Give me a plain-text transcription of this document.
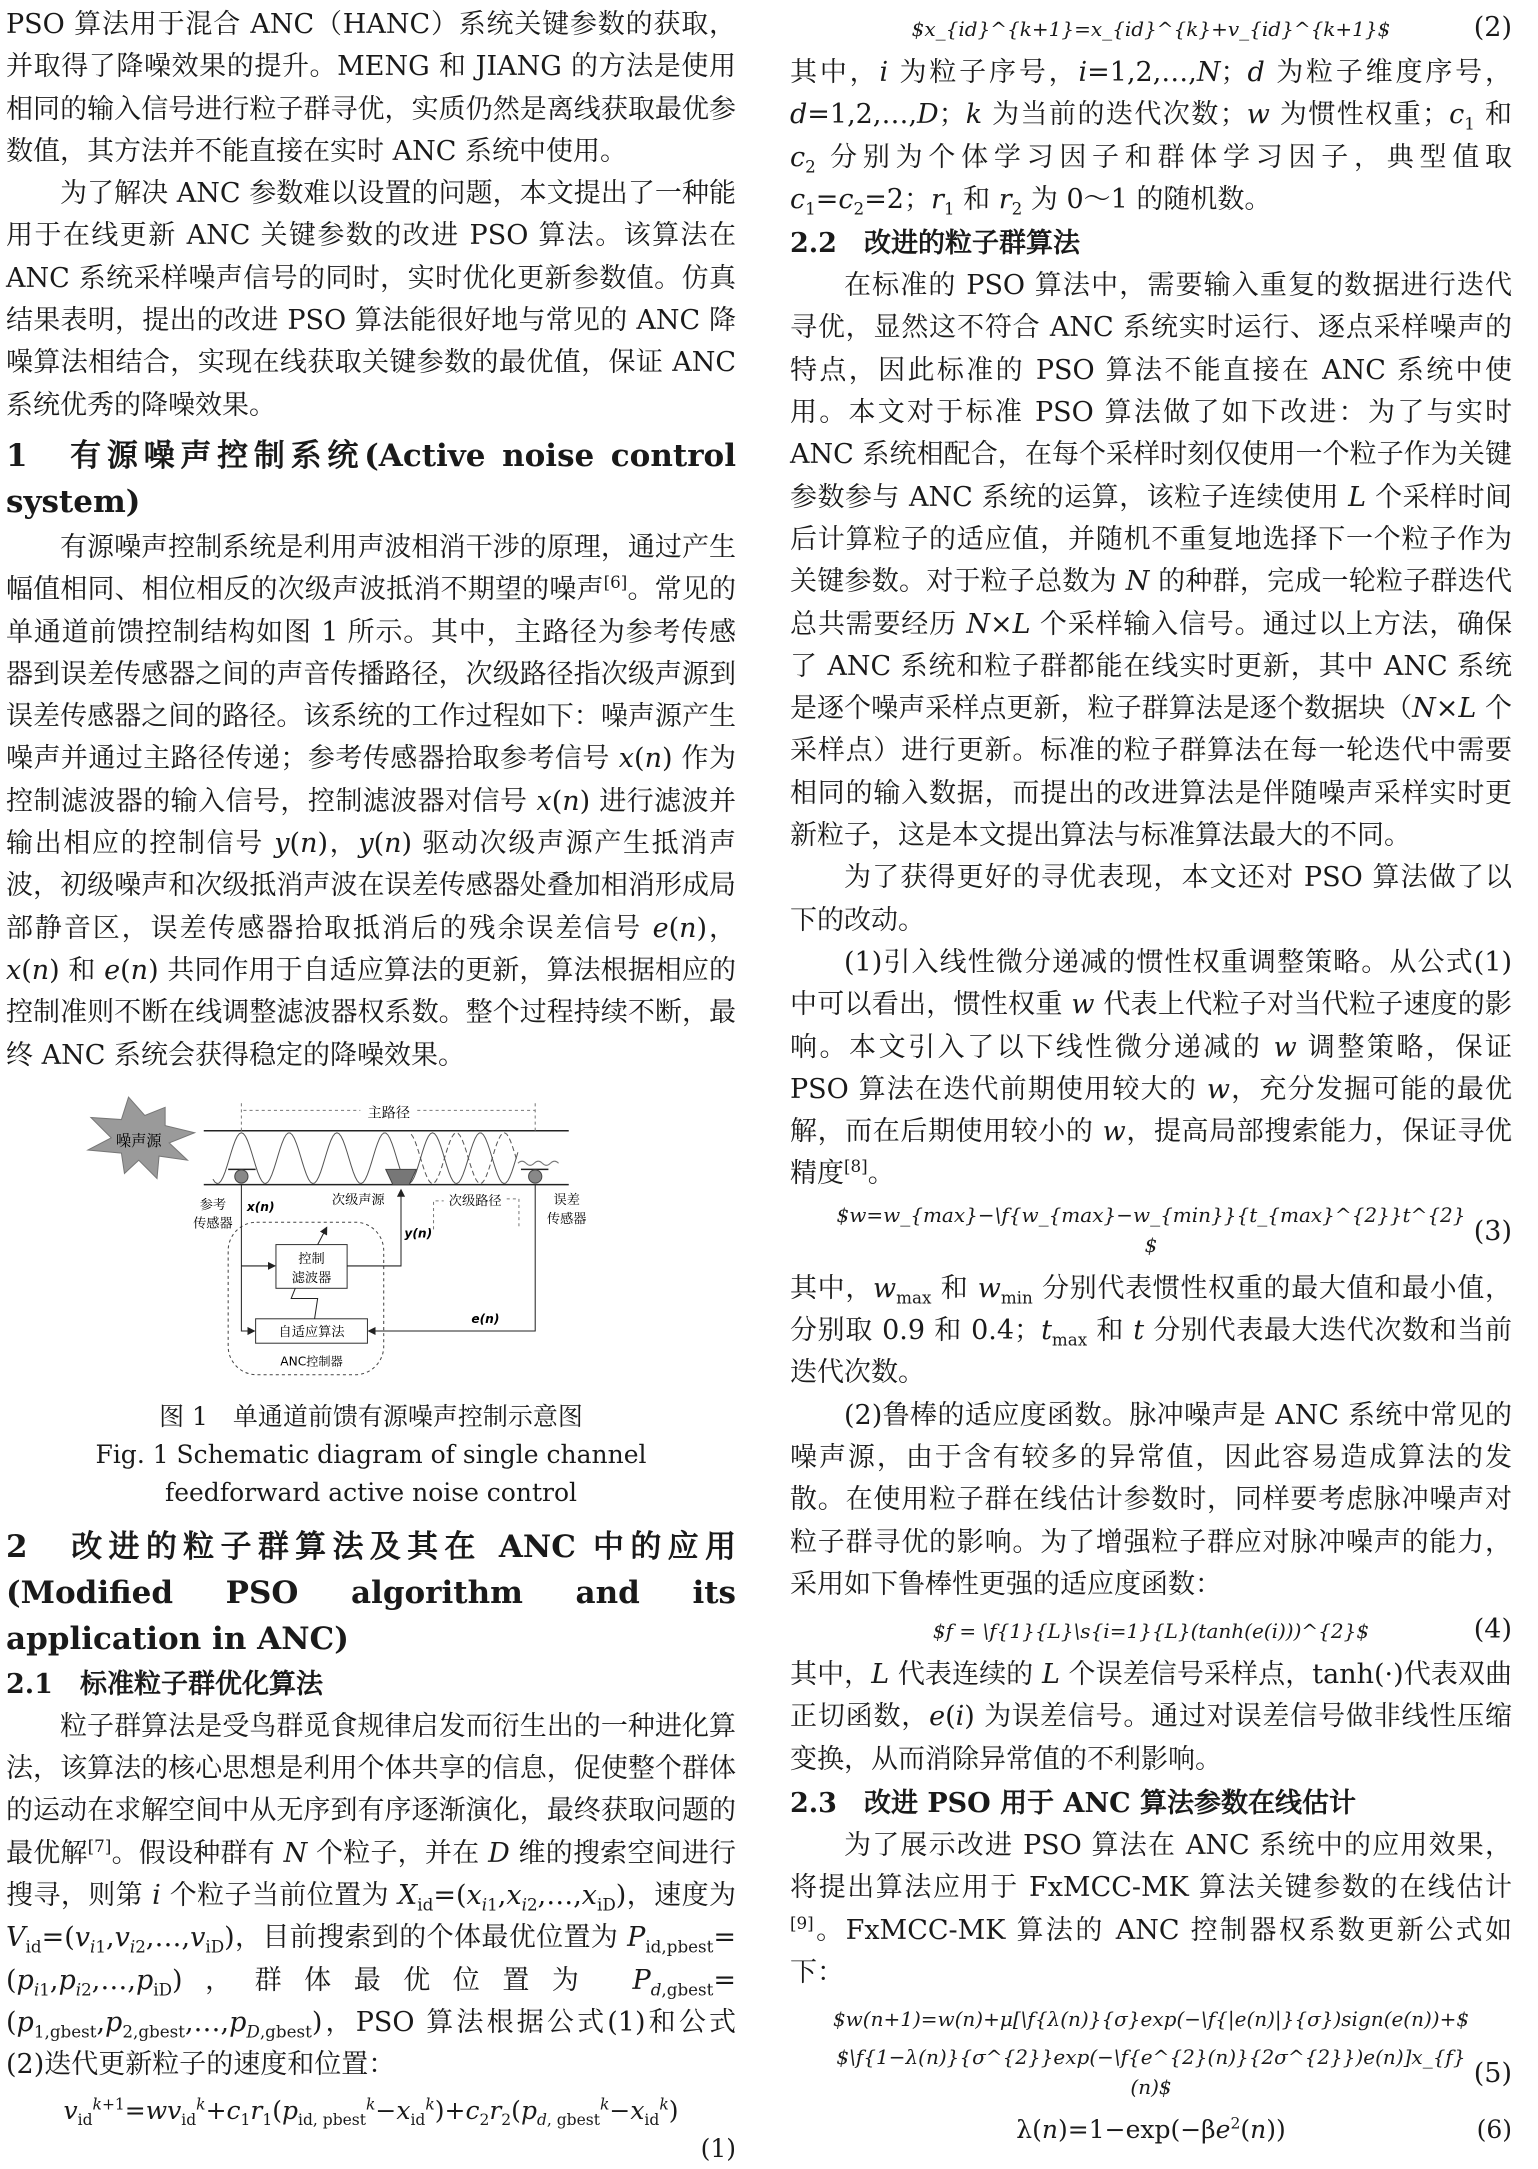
PSO 算法用于混合 ANC（HANC）系统关键参数的获取，并取得了降噪效果的提升。MENG 和 JIANG 的方法是使用相同的输入信号进行粒子群寻优，实质仍然是离线获取最优参数值，其方法并不能直接在实时 ANC 系统中使用。

为了解决 ANC 参数难以设置的问题，本文提出了一种能用于在线更新 ANC 关键参数的改进 PSO 算法。该算法在 ANC 系统采样噪声信号的同时，实时优化更新参数值。仿真结果表明，提出的改进 PSO 算法能很好地与常见的 ANC 降噪算法相结合，实现在线获取关键参数的最优值，保证 ANC 系统优秀的降噪效果。

1　有源噪声控制系统(Active noise control system)

有源噪声控制系统是利用声波相消干涉的原理，通过产生幅值相同、相位相反的次级声波抵消不期望的噪声[6]。常见的单通道前馈控制结构如图 1 所示。其中，主路径为参考传感器到误差传感器之间的声音传播路径，次级路径指次级声源到误差传感器之间的路径。该系统的工作过程如下：噪声源产生噪声并通过主路径传递；参考传感器拾取参考信号 x(n) 作为控制滤波器的输入信号，控制滤波器对信号 x(n) 进行滤波并输出相应的控制信号 y(n)，y(n) 驱动次级声源产生抵消声波，初级噪声和次级抵消声波在误差传感器处叠加相消形成局部静音区，误差传感器拾取抵消后的残余误差信号 e(n)，x(n) 和 e(n) 共同作用于自适应算法的更新，算法根据相应的控制准则不断在线调整滤波器权系数。整个过程持续不断，最终 ANC 系统会获得稳定的降噪效果。

噪声源
主路径
参考
传感器
x(n)	次级声源	次级路径	误差
传感器
y(n)
控制
滤波器
自适应算法
ANC控制器
e(n)
图 1　单通道前馈有源噪声控制示意图
Fig. 1 Schematic diagram of single channel feedforward active noise control
2　改进的粒子群算法及其在 ANC 中的应用(Modified PSO algorithm and its application in ANC)
2.1　标准粒子群优化算法

粒子群算法是受鸟群觅食规律启发而衍生出的一种进化算法，该算法的核心思想是利用个体共享的信息，促使整个群体的运动在求解空间中从无序到有序逐渐演化，最终获取问题的最优解[7]。假设种群有 N 个粒子，并在 D 维的搜索空间进行搜寻，则第 i 个粒子当前位置为 $X_{id}=(x_{i1},x_{i2},\dots,x_{iD})$，速度为 $V_{id}=(v_{i1},v_{i2},\dots,v_{iD})$，目前搜索到的个体最优位置为 $P_{id,pbest}=(p_{i1},p_{i2},\dots,p_{iD})$，群体最优位置为 $P_{d,gbest}=(p_{1,gbest},p_{2,gbest},\dots,p_{D,gbest})$，PSO 算法根据公式(1)和公式(2)迭代更新粒子的速度和位置：

$v_{id}^{k+1}=wv_{id}^k+c_1r_1(p_{id, pbest}^k-x_{id}^k)+c_2r_2(p_{d, gbest}^k-x_{id}^k)$
(1)
$x_{id}^{k+1}=x_{id}^{k}+v_{id}^{k+1}$	(2)

其中，i 为粒子序号，i=1,2,…,N；d 为粒子维度序号，d=1,2,…,D；k 为当前的迭代次数；w 为惯性权重；$c_1$ 和 $c_2$ 分别为个体学习因子和群体学习因子，典型值取 $c_1=c_2=2$；$r_1$ 和 $r_2$ 为 0～1 的随机数。

2.2　改进的粒子群算法

在标准的 PSO 算法中，需要输入重复的数据进行迭代寻优，显然这不符合 ANC 系统实时运行、逐点采样噪声的特点，因此标准的 PSO 算法不能直接在 ANC 系统中使用。本文对于标准 PSO 算法做了如下改进：为了与实时 ANC 系统相配合，在每个采样时刻仅使用一个粒子作为关键参数参与 ANC 系统的运算，该粒子连续使用 L 个采样时间后计算粒子的适应值，并随机不重复地选择下一个粒子作为关键参数。对于粒子总数为 N 的种群，完成一轮粒子群迭代总共需要经历 N×L 个采样输入信号。通过以上方法，确保了 ANC 系统和粒子群都能在线实时更新，其中 ANC 系统是逐个噪声采样点更新，粒子群算法是逐个数据块（N×L 个采样点）进行更新。标准的粒子群算法在每一轮迭代中需要相同的输入数据，而提出的改进算法是伴随噪声采样实时更新粒子，这是本文提出算法与标准算法最大的不同。

为了获得更好的寻优表现，本文还对 PSO 算法做了以下的改动。

(1)引入线性微分递减的惯性权重调整策略。从公式(1)中可以看出，惯性权重 w 代表上代粒子对当代粒子速度的影响。本文引入了以下线性微分递减的 w 调整策略，保证 PSO 算法在迭代前期使用较大的 w，充分发掘可能的最优解，而在后期使用较小的 w，提高局部搜索能力，保证寻优精度[8]。

$w=w_{max}−\f{w_{max}−w_{min}}{t_{max}^{2}}t^{2}$	(3)

其中，$w_{max}$ 和 $w_{min}$ 分别代表惯性权重的最大值和最小值，分别取 0.9 和 0.4；$t_{max}$ 和 t 分别代表最大迭代次数和当前迭代次数。

(2)鲁棒的适应度函数。脉冲噪声是 ANC 系统中常见的噪声源，由于含有较多的异常值，因此容易造成算法的发散。在使用粒子群在线估计参数时，同样要考虑脉冲噪声对粒子群寻优的影响。为了增强粒子群应对脉冲噪声的能力，采用如下鲁棒性更强的适应度函数：

$f = \f{1}{L}\s{i=1}{L}(tanh(e(i)))^{2}$	(4)

其中，L 代表连续的 L 个误差信号采样点，tanh(·)代表双曲正切函数，e(i) 为误差信号。通过对误差信号做非线性压缩变换，从而消除异常值的不利影响。

2.3　改进 PSO 用于 ANC 算法参数在线估计

为了展示改进 PSO 算法在 ANC 系统中的应用效果，将提出算法应用于 FxMCC-MK 算法关键参数的在线估计[9]。FxMCC-MK 算法的 ANC 控制器权系数更新公式如下：

$w(n+1)=w(n)+μ[\f{λ(n)}{σ}exp(−\f{|e(n)|}{σ})sign(e(n))+$
$\f{1−λ(n)}{σ^{2}}exp(−\f{e^{2}(n)}{2σ^{2}})e(n)]x_{f}(n)$	(5)
$\lambda(n)=1-\exp(-\beta e^2(n))$	(6)
